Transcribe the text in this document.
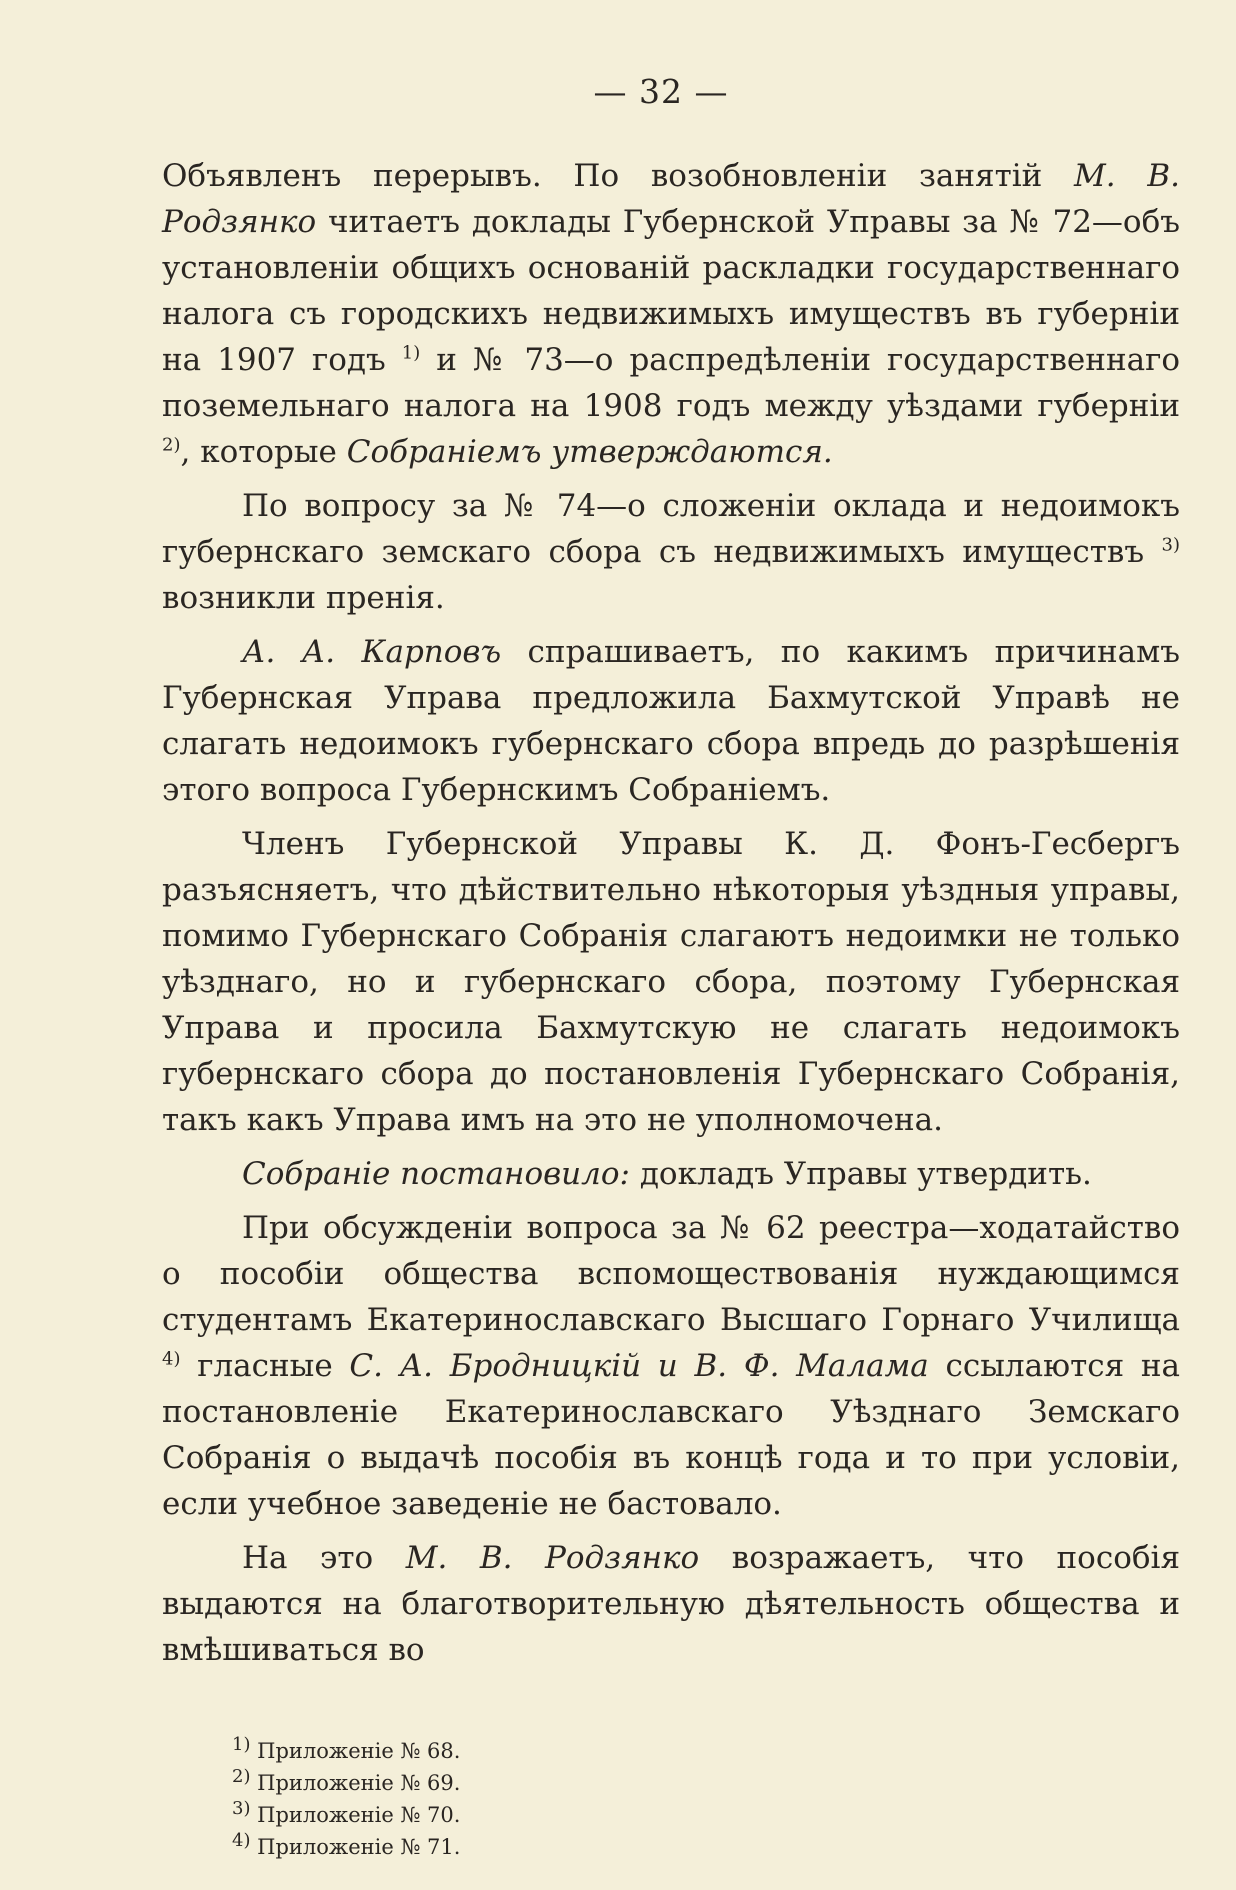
— 32 —

Объявленъ перерывъ. По возобновленіи занятій М. В. Родзянко читаетъ доклады Губернской Управы за № 72—объ установленіи общихъ основаній раскладки государственнаго налога съ городскихъ недвижимыхъ имуществъ въ губерніи на 1907 годъ $^{1)}$ и № 73—о распредѣленіи государственнаго поземельнаго налога на 1908 годъ между уѣздами губерніи $^{2)}$, которые Собраніемъ утверждаются.

По вопросу за № 74—о сложеніи оклада и недоимокъ губернскаго земскаго сбора съ недвижимыхъ имуществъ $^{3)}$ возникли пренія.

А. А. Карповъ спрашиваетъ, по какимъ причинамъ Губернская Управа предложила Бахмутской Управѣ не слагать недоимокъ губернскаго сбора впредь до разрѣшенія этого вопроса Губернскимъ Собраніемъ.

Членъ Губернской Управы К. Д. Фонъ-Гесбергъ разъясняетъ, что дѣйствительно нѣкоторыя уѣздныя управы, помимо Губернскаго Собранія слагаютъ недоимки не только уѣзднаго, но и губернскаго сбора, поэтому Губернская Управа и просила Бахмутскую не слагать недоимокъ губернскаго сбора до постановленія Губернскаго Собранія, такъ какъ Управа имъ на это не уполномочена.

Собраніе постановило: докладъ Управы утвердить.

При обсужденіи вопроса за № 62 реестра—ходатайство о пособіи общества вспомоществованія нуждающимся студентамъ Екатеринославскаго Высшаго Горнаго Училища $^{4)}$ гласные С. А. Бродницкій и В. Ф. Малама ссылаются на постановленіе Екатеринославскаго Уѣзднаго Земскаго Собранія о выдачѣ пособія въ концѣ года и то при условіи, если учебное заведеніе не бастовало.

На это М. В. Родзянко возражаетъ, что пособія выдаются на благотворительную дѣятельность общества и вмѣшиваться во

$^{1)}$ Приложеніе № 68.
$^{2)}$ Приложеніе № 69.
$^{3)}$ Приложеніе № 70.
$^{4)}$ Приложеніе № 71.
